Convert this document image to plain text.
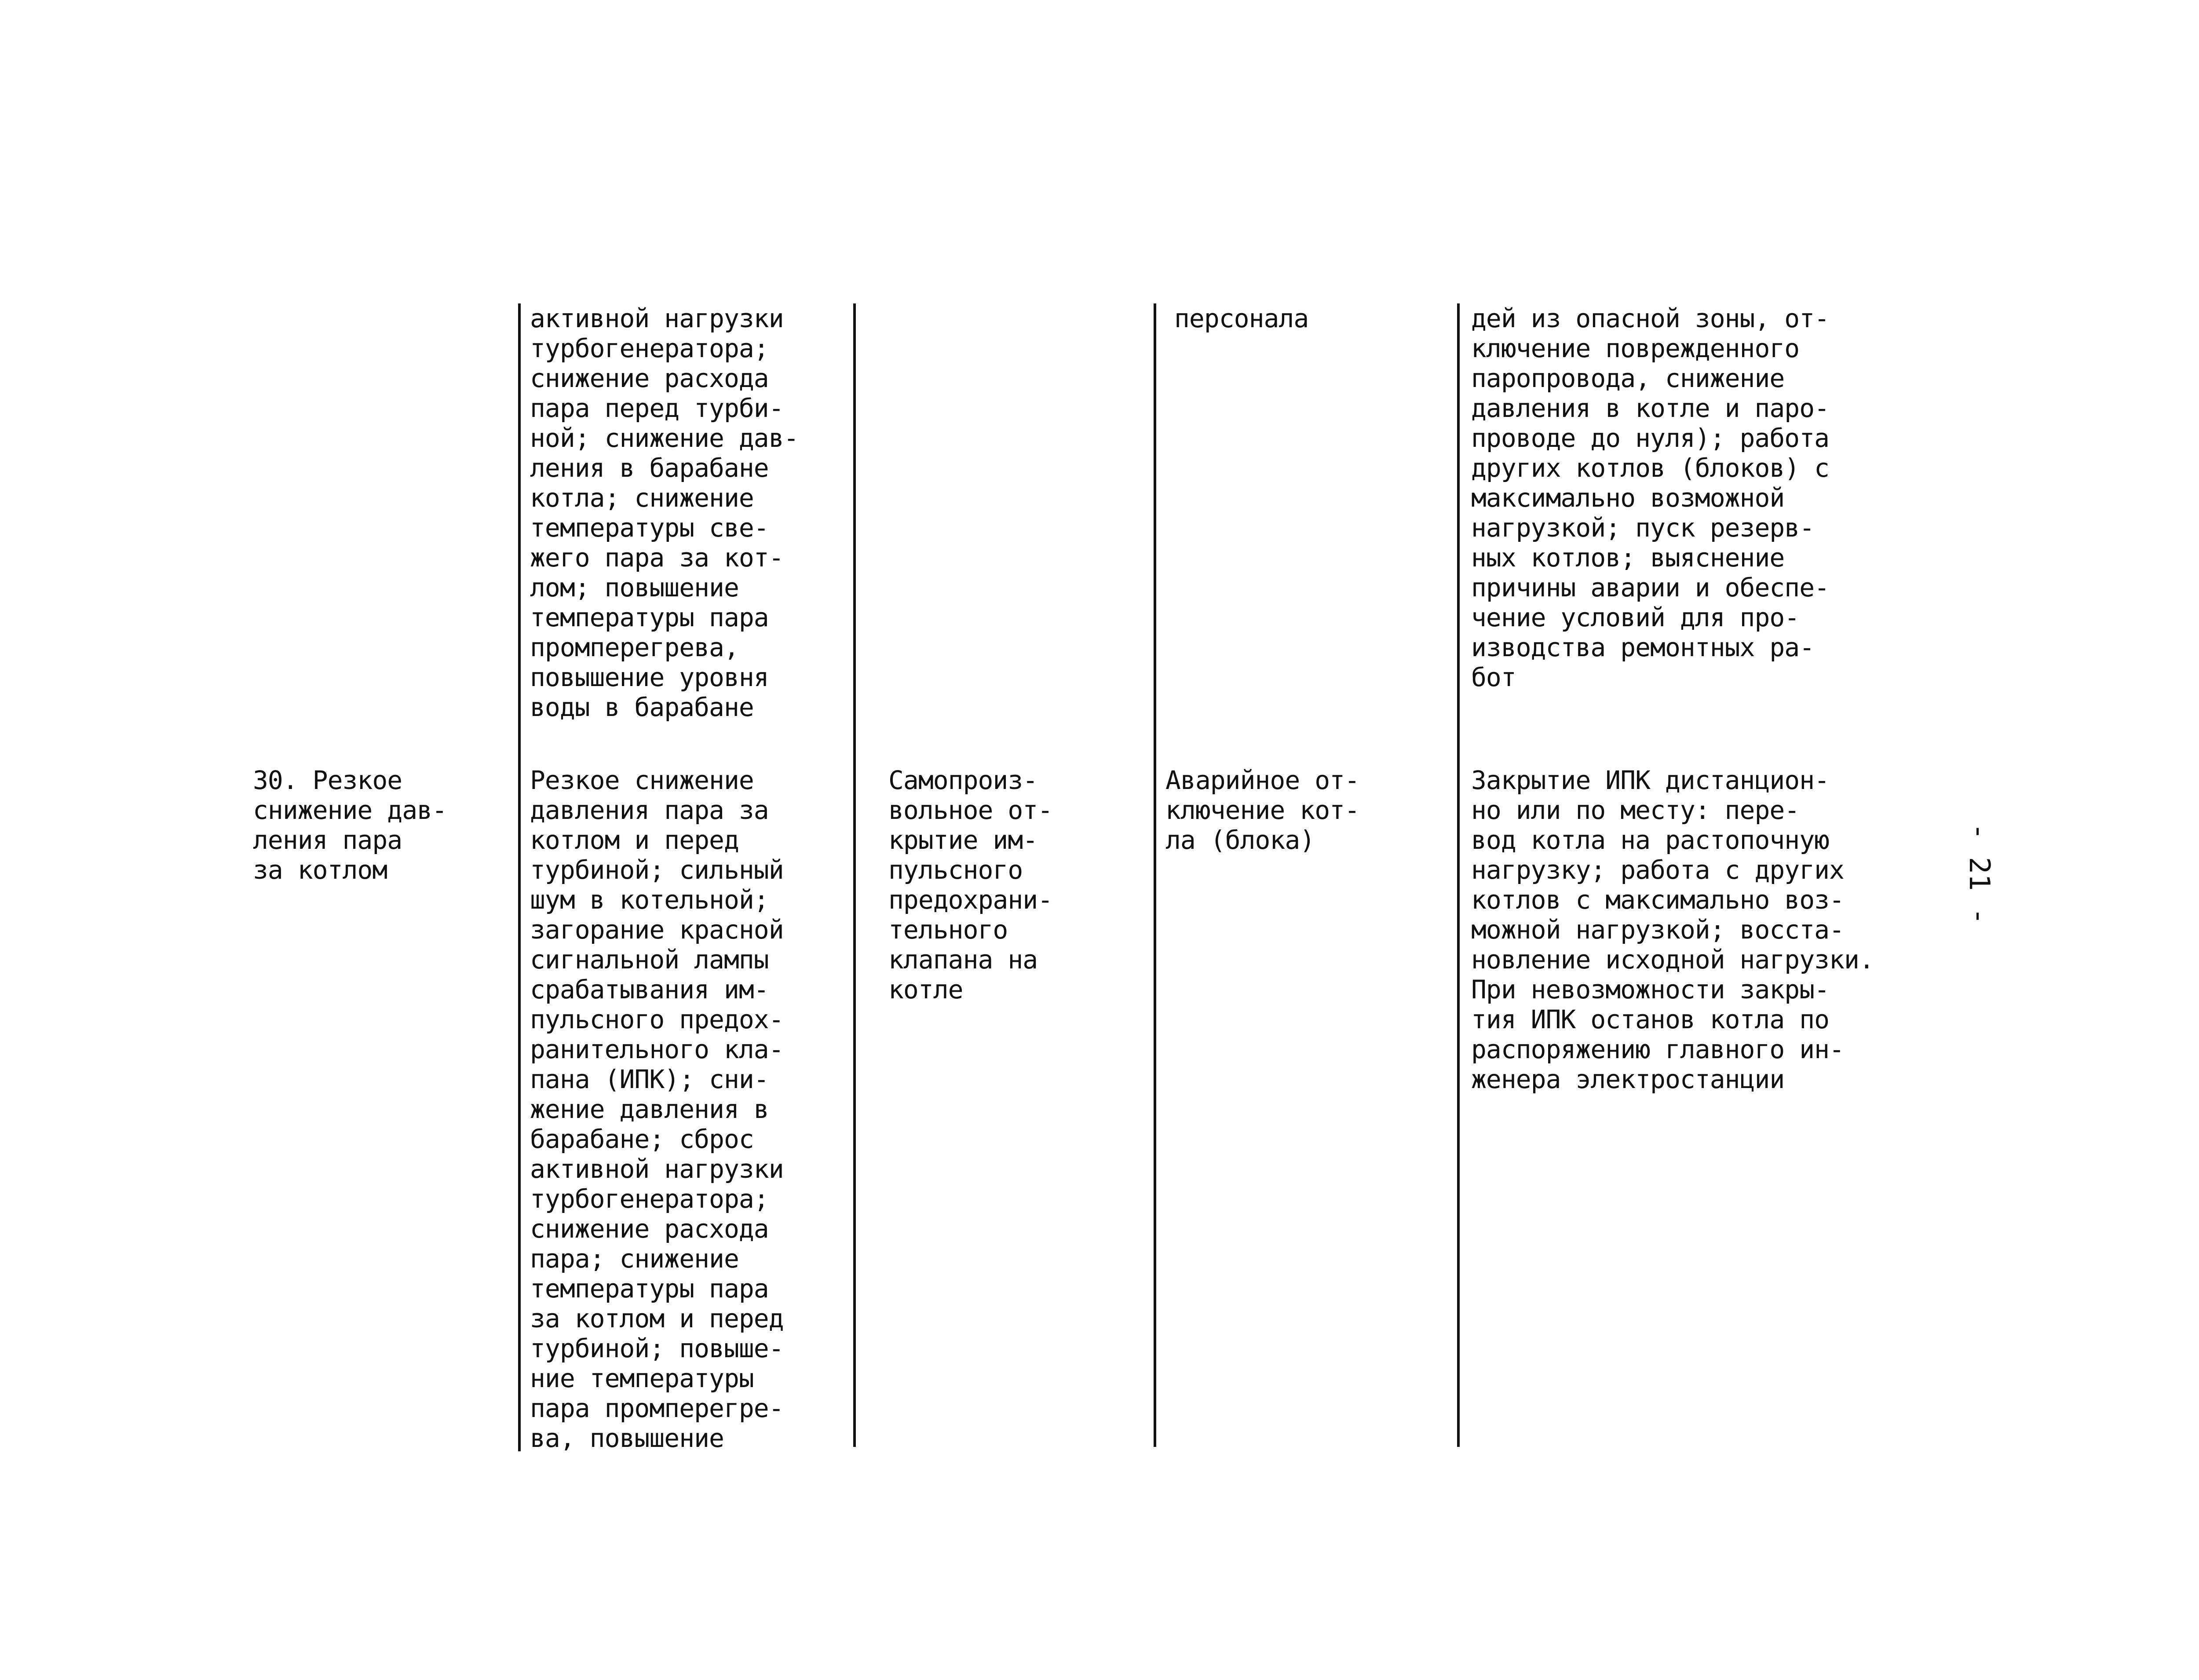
активной нагрузки
турбогенератора;
снижение расхода
пара перед турби-
ной; снижение дав-
ления в барабане
котла; снижение
температуры све-
жего пара за кот-
лом; повышение
температуры пара
промперегрева,
повышение уровня
воды в барабане

персонала	дей из опасной зоны, от-
ключение поврежденного
паропровода, снижение
давления в котле и паро-
проводе до нуля); работа
других котлов (блоков) с
максимально возможной
нагрузкой; пуск резерв-
ных котлов; выяснение
причины аварии и обеспе-
чение условий для про-
изводства ремонтных ра-
бот

30. Резкое
снижение дав-
ления пара
за котлом

Резкое снижение
давления пара за
котлом и перед
турбиной; сильный
шум в котельной;
загорание красной
сигнальной лампы
срабатывания им-
пульсного предох-
ранительного кла-
пана (ИПК); сни-
жение давления в
барабане; сброс
активной нагрузки
турбогенератора;
снижение расхода
пара; снижение
температуры пара
за котлом и перед
турбиной; повыше-
ние температуры
пара промперегре-
ва, повышение

Самопроиз-
вольное от-
крытие им-
пульсного
предохрани-
тельного
клапана на
котле

Аварийное от-
ключение кот-
ла (блока)

Закрытие ИПК дистанцион-
но или по месту: пере-
вод котла на растопочную
нагрузку; работа с других
котлов с максимально воз-
можной нагрузкой; восста-
новление исходной нагрузки.
При невозможности закры-
тия ИПК останов котла по
распоряжению главного ин-
женера электростанции

- 21 -
